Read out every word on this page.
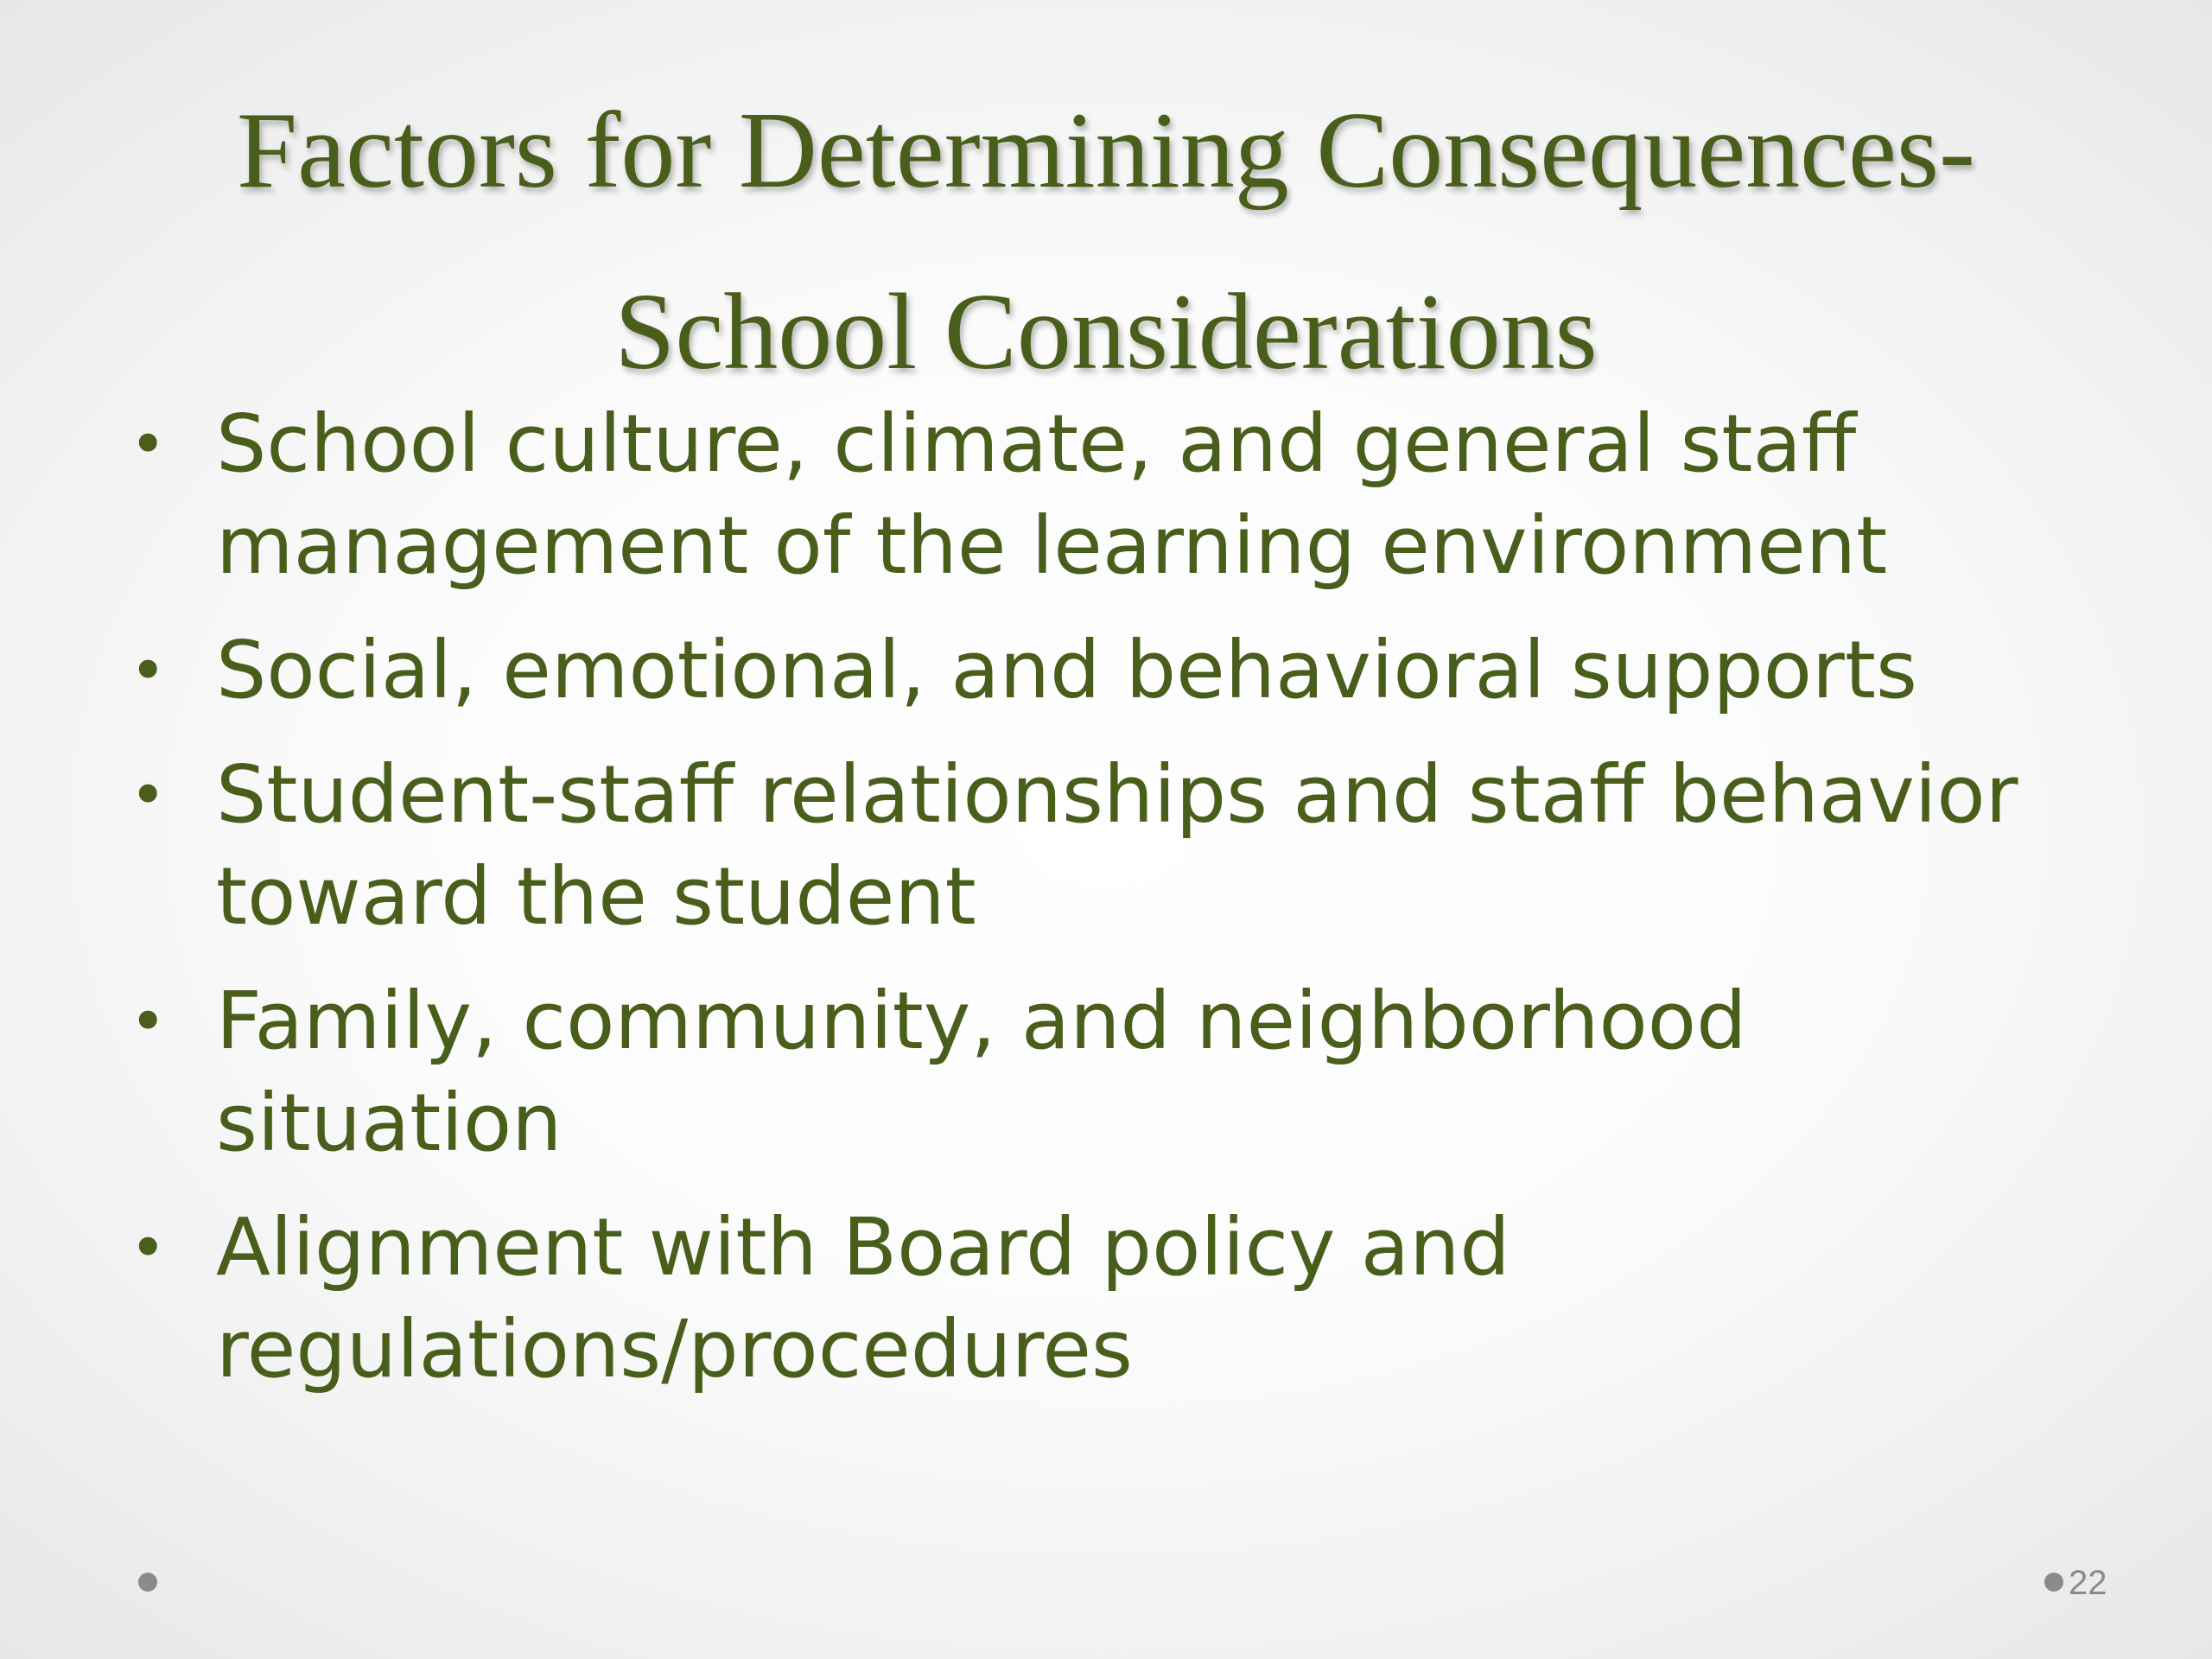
Factors for Determining Consequences-
School Considerations
• School culture, climate, and general staff management of the learning environment
• Social, emotional, and behavioral supports
• Student-staff relationships and staff behavior toward the student
• Family, community, and neighborhood situation
• Alignment with Board policy and regulations/procedures
22
